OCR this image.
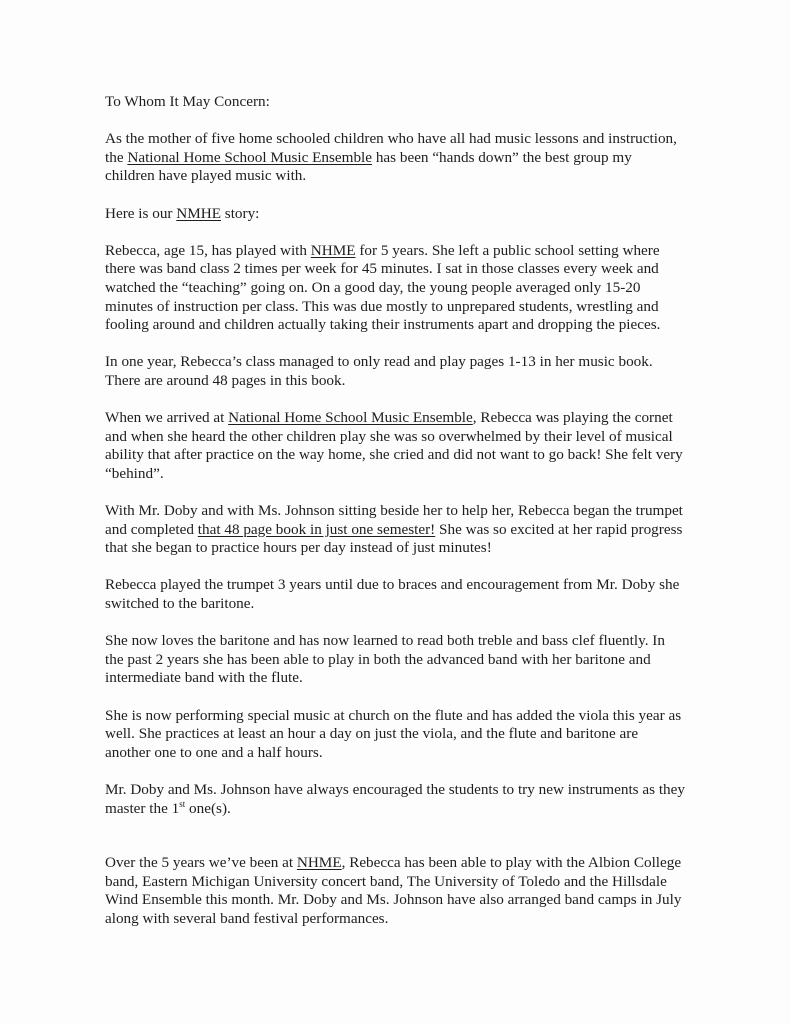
To Whom It May Concern:

As the mother of five home schooled children who have all had music lessons and instruction, the National Home School Music Ensemble has been “hands down” the best group my children have played music with.

Here is our NMHE story:

Rebecca, age 15, has played with NHME for 5 years. She left a public school setting where there was band class 2 times per week for 45 minutes. I sat in those classes every week and watched the “teaching” going on. On a good day, the young people averaged only 15-20 minutes of instruction per class. This was due mostly to unprepared students, wrestling and fooling around and children actually taking their instruments apart and dropping the pieces.

In one year, Rebecca’s class managed to only read and play pages 1-13 in her music book. There are around 48 pages in this book.

When we arrived at National Home School Music Ensemble, Rebecca was playing the cornet and when she heard the other children play she was so overwhelmed by their level of musical ability that after practice on the way home, she cried and did not want to go back! She felt very “behind”.

With Mr. Doby and with Ms. Johnson sitting beside her to help her, Rebecca began the trumpet and completed that 48 page book in just one semester! She was so excited at her rapid progress that she began to practice hours per day instead of just minutes!

Rebecca played the trumpet 3 years until due to braces and encouragement from Mr. Doby she switched to the baritone.

She now loves the baritone and has now learned to read both treble and bass clef fluently. In the past 2 years she has been able to play in both the advanced band with her baritone and intermediate band with the flute.

She is now performing special music at church on the flute and has added the viola this year as well. She practices at least an hour a day on just the viola, and the flute and baritone are another one to one and a half hours.

Mr. Doby and Ms. Johnson have always encouraged the students to try new instruments as they master the 1st one(s).

Over the 5 years we’ve been at NHME, Rebecca has been able to play with the Albion College band, Eastern Michigan University concert band, The University of Toledo and the Hillsdale Wind Ensemble this month. Mr. Doby and Ms. Johnson have also arranged band camps in July along with several band festival performances.
